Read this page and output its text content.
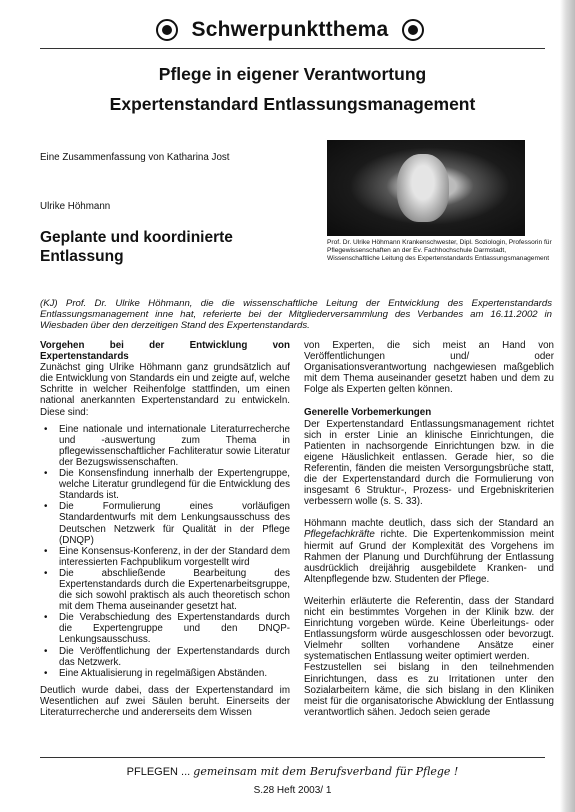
Schwerpunktthema
Pflege in eigener Verantwortung
Expertenstandard Entlassungsmanagement
Eine Zusammenfassung von Katharina Jost
Ulrike Höhmann
Geplante und koordinierte
Entlassung
Prof. Dr. Ulrike Höhmann Krankenschwester, Dipl. Soziologin, Professorin für Pflegewissenschaften an der Ev. Fachhochschule Darmstadt, Wissenschaftliche Leitung des Expertenstandards Entlassungsmanagement
(KJ) Prof. Dr. Ulrike Höhmann, die die wissenschaftliche Leitung der Entwicklung des Expertenstandards Entlassungsmanagement inne hat, referierte bei der Mitgliederversammlung des Verbandes am 16.11.2002 in Wiesbaden über den derzeitigen Stand des Expertenstandards.
Vorgehen bei der Entwicklung von Expertenstandards

Zunächst ging Ulrike Höhmann ganz grundsätzlich auf die Entwicklung von Standards ein und zeigte auf, welche Schritte in welcher Reihenfolge stattfinden, um einen national anerkannten Expertenstandard zu entwickeln. Diese sind:

• Eine nationale und internationale Literaturrecherche und -auswertung zum Thema in pflegewissenschaftlicher Fachliteratur sowie Literatur der Bezugswissenschaften.
• Die Konsensfindung innerhalb der Expertengruppe, welche Literatur grundlegend für die Entwicklung des Standards ist.
• Die Formulierung eines vorläufigen Standardentwurfs mit dem Lenkungsausschuss des Deutschen Netzwerk für Qualität in der Pflege (DNQP)
• Eine Konsensus-Konferenz, in der der Standard dem interessierten Fachpublikum vorgestellt wird
• Die abschließende Bearbeitung des Expertenstandards durch die Expertenarbeitsgruppe, die sich sowohl praktisch als auch theoretisch schon mit dem Thema auseinander gesetzt hat.
• Die Verabschiedung des Expertenstandards durch die Expertengruppe und den DNQP-Lenkungsausschuss.
• Die Veröffentlichung der Expertenstandards durch das Netzwerk.
• Eine Aktualisierung in regelmäßigen Abständen.

Deutlich wurde dabei, dass der Expertenstandard im Wesentlichen auf zwei Säulen beruht. Einerseits der Literaturrecherche und andererseits dem Wissen

von Experten, die sich meist an Hand von Veröffentlichungen und/ oder Organisationsverantwortung nachgewiesen maßgeblich mit dem Thema auseinander gesetzt haben und dem zu Folge als Experten gelten können.

Generelle Vorbemerkungen

Der Expertenstandard Entlassungsmanagement richtet sich in erster Linie an klinische Einrichtungen, die Patienten in nachsorgende Einrichtungen bzw. in die eigene Häuslichkeit entlassen. Gerade hier, so die Referentin, fänden die meisten Versorgungsbrüche statt, die der Expertenstandard durch die Formulierung von insgesamt 6 Struktur-, Prozess- und Ergebniskriterien verbessern wolle (s. S. 33).

Höhmann machte deutlich, dass sich der Standard an Pflegefachkräfte richte. Die Expertenkommission meint hiermit auf Grund der Komplexität des Vorgehens im Rahmen der Planung und Durchführung der Entlassung ausdrücklich dreijährig ausgebildete Kranken- und Altenpflegende bzw. Studenten der Pflege.

Weiterhin erläuterte die Referentin, dass der Standard nicht ein bestimmtes Vorgehen in der Klinik bzw. der Einrichtung vorgeben würde. Keine Überleitungs- oder Entlassungsform würde ausgeschlossen oder bevorzugt. Vielmehr sollten vorhandene Ansätze einer systematischen Entlassung weiter optimiert werden.

Festzustellen sei bislang in den teilnehmenden Einrichtungen, dass es zu Irritationen unter den Sozialarbeitern käme, die sich bislang in den Kliniken meist für die organisatorische Abwicklung der Entlassung verantwortlich sähen. Jedoch seien gerade

PFLEGEN ... gemeinsam mit dem Berufsverband für Pflege !
S.28 Heft 2003/ 1
